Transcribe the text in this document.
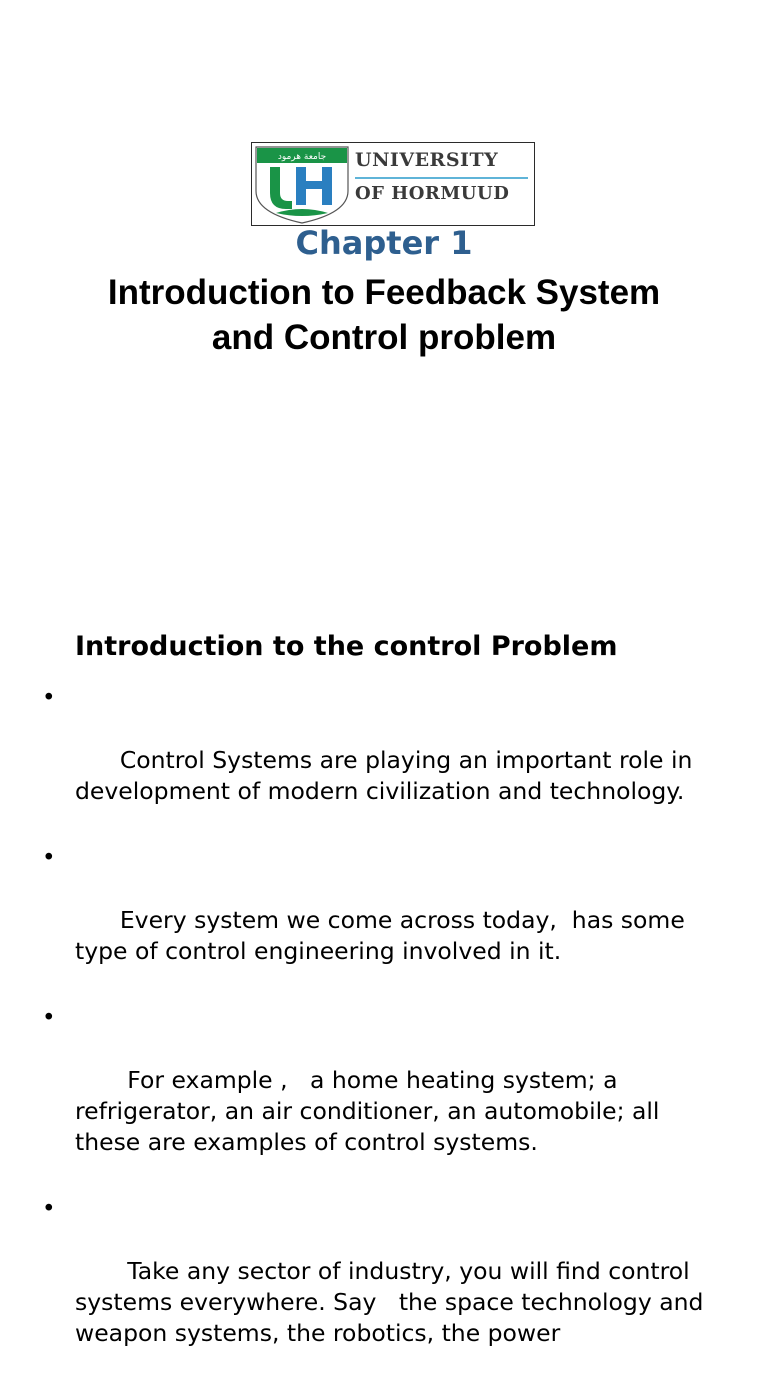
جامعة هرمود UNIVERSITY
OF HORMUUD
Chapter 1
Introduction to Feedback System
and Control problem
Introduction to the control Problem

•

Control Systems are playing an important role in development of modern civilization and technology.

•

Every system we come across today,  has some type of control engineering involved in it.

•

For example ,   a home heating system; a refrigerator, an air conditioner, an automobile; all these are examples of control systems.

•

Take any sector of industry, you will find control systems everywhere. Say   the space technology and weapon systems, the robotics, the power
